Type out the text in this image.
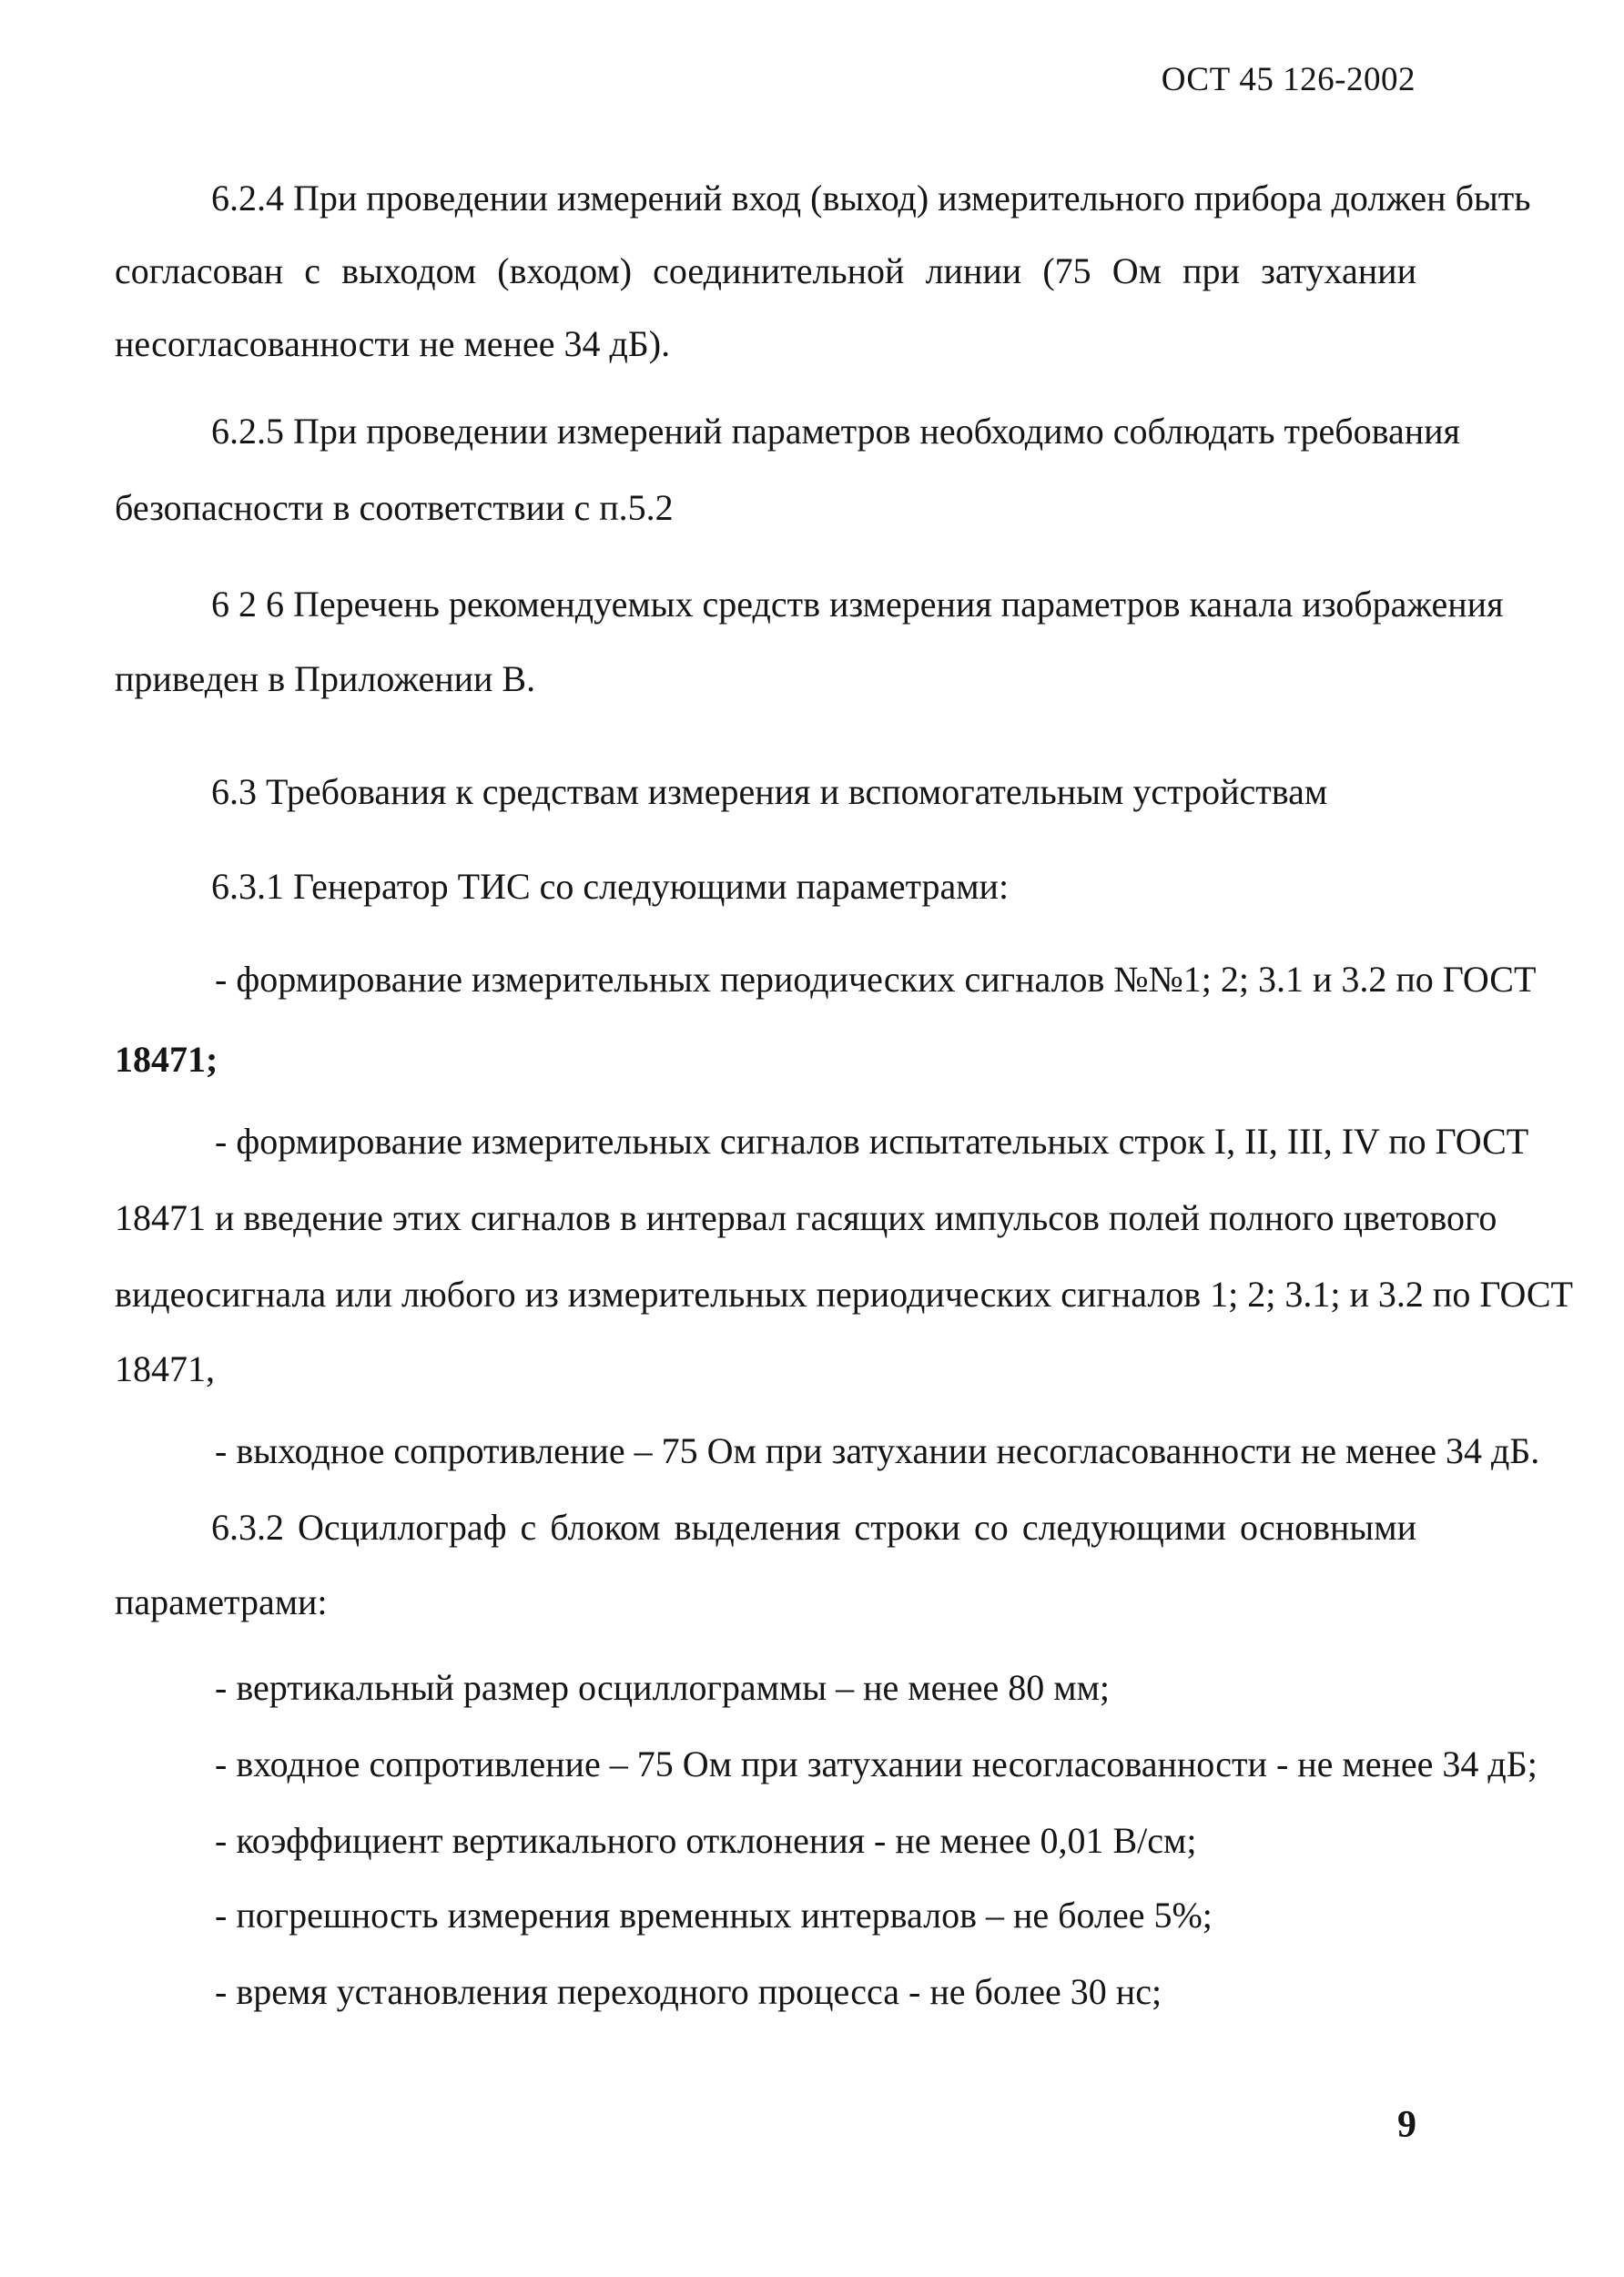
ОСТ 45 126-2002
6.2.4 При проведении измерений вход (выход) измерительного прибора должен быть
согласован с выходом (входом) соединительной линии (75 Ом при затухании
несогласованности не менее 34 дБ).
6.2.5 При проведении измерений параметров необходимо соблюдать требования
безопасности в соответствии с п.5.2
6 2 6 Перечень рекомендуемых средств измерения параметров канала изображения
приведен в Приложении В.
6.3 Требования к средствам измерения и вспомогательным устройствам
6.3.1 Генератор ТИС со следующими параметрами:
- формирование измерительных периодических сигналов №№1; 2; 3.1 и 3.2 по ГОСТ
18471;
- формирование измерительных сигналов испытательных строк I, II, III, IV по ГОСТ
18471 и введение этих сигналов в интервал гасящих импульсов полей полного цветового
видеосигнала или любого из измерительных периодических сигналов 1; 2; 3.1; и 3.2 по ГОСТ
18471,
- выходное сопротивление – 75 Ом при затухании несогласованности не менее 34 дБ.
6.3.2 Осциллограф с блоком выделения строки со следующими основными
параметрами:
- вертикальный размер осциллограммы – не менее 80 мм;
- входное сопротивление – 75 Ом при затухании несогласованности - не менее 34 дБ;
- коэффициент вертикального отклонения - не менее 0,01 В/см;
- погрешность измерения временных интервалов – не более 5%;
- время установления переходного процесса - не более 30 нс;
9
